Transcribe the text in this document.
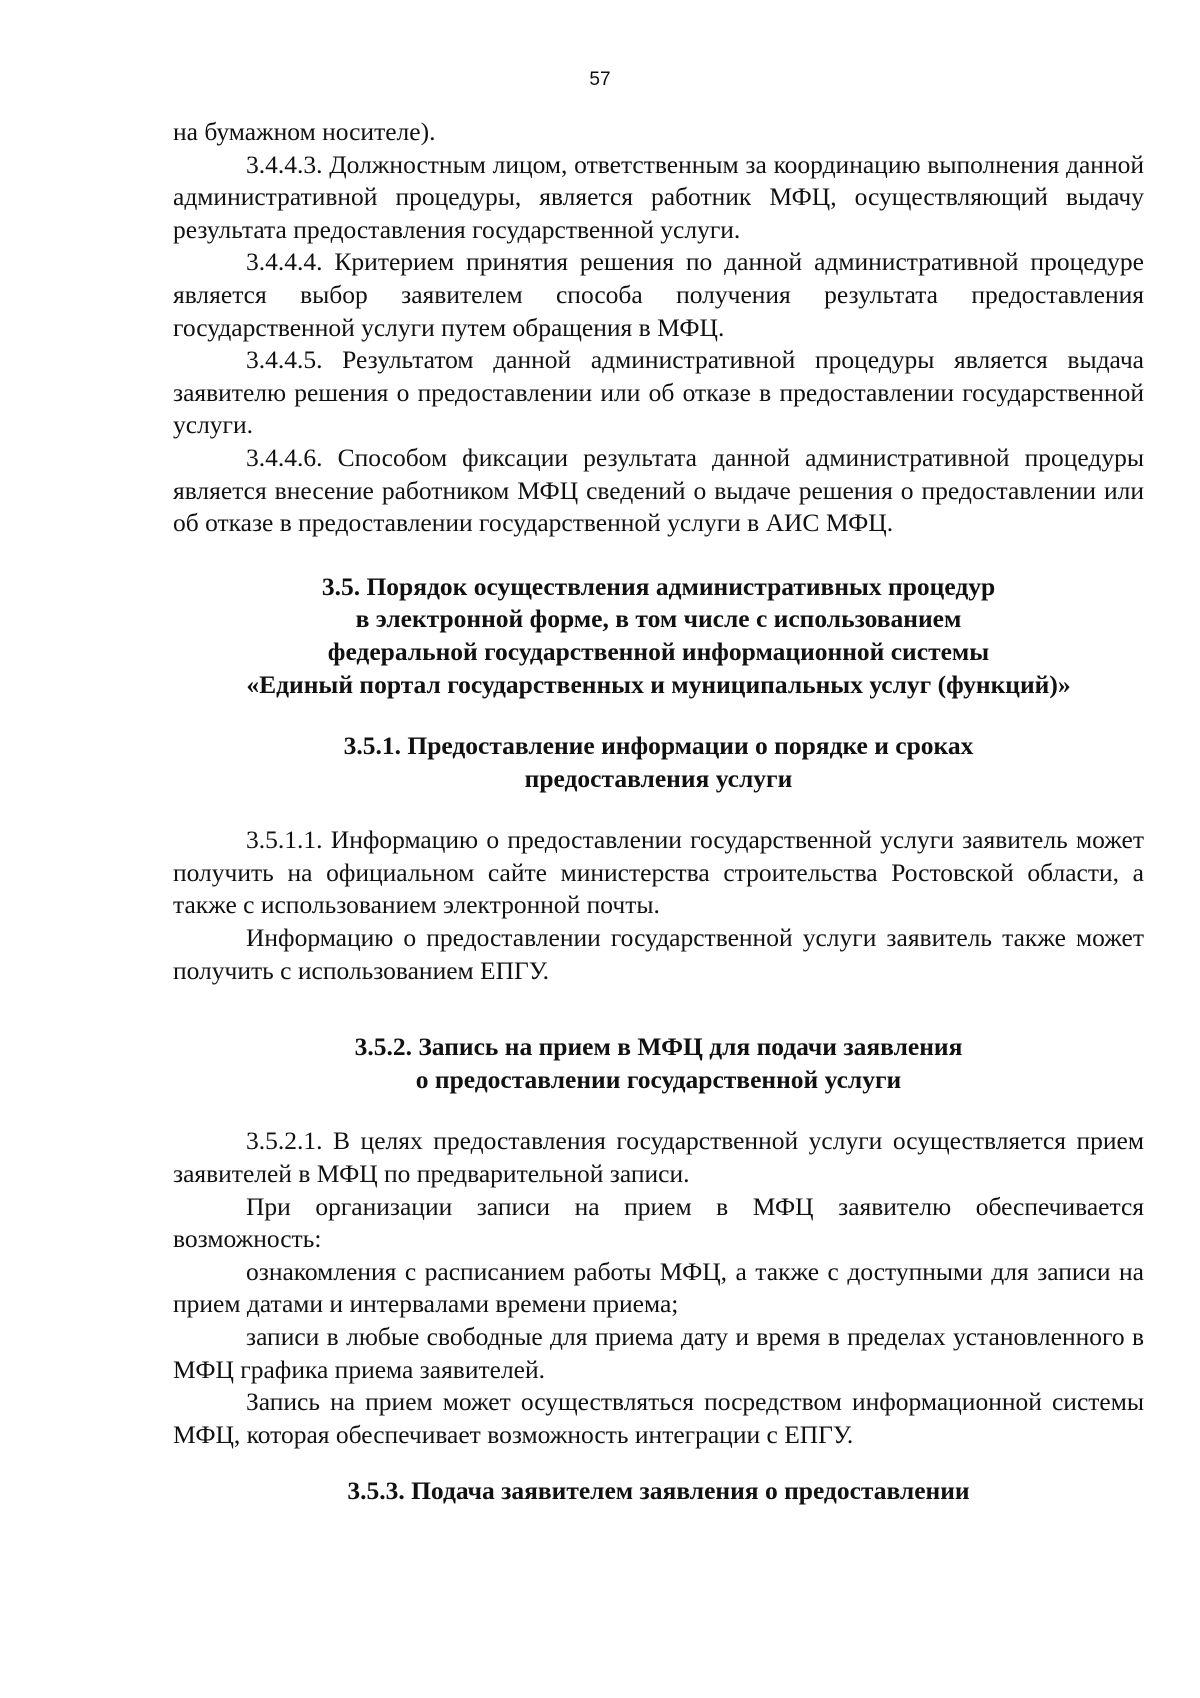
57

на бумажном носителе).

3.4.4.3. Должностным лицом, ответственным за координацию выполнения данной административной процедуры, является работник МФЦ, осуществляющий выдачу результата предоставления государственной услуги.

3.4.4.4. Критерием принятия решения по данной административной процедуре является выбор заявителем способа получения результата предоставления государственной услуги путем обращения в МФЦ.

3.4.4.5. Результатом данной административной процедуры является выдача заявителю решения о предоставлении или об отказе в предоставлении государственной услуги.

3.4.4.6. Способом фиксации результата данной административной процедуры является внесение работником МФЦ сведений о выдаче решения о предоставлении или об отказе в предоставлении государственной услуги в АИС МФЦ.

3.5. Порядок осуществления административных процедур
в электронной форме, в том числе с использованием
федеральной государственной информационной системы
«Единый портал государственных и муниципальных услуг (функций)»
3.5.1. Предоставление информации о порядке и сроках
предоставления услуги

3.5.1.1. Информацию о предоставлении государственной услуги заявитель может получить на официальном сайте министерства строительства Ростовской области, а также с использованием электронной почты.

Информацию о предоставлении государственной услуги заявитель также может получить с использованием ЕПГУ.

3.5.2. Запись на прием в МФЦ для подачи заявления
о предоставлении государственной услуги

3.5.2.1. В целях предоставления государственной услуги осуществляется прием заявителей в МФЦ по предварительной записи.

При организации записи на прием в МФЦ заявителю обеспечивается возможность:

ознакомления с расписанием работы МФЦ, а также с доступными для записи на прием датами и интервалами времени приема;

записи в любые свободные для приема дату и время в пределах установленного в МФЦ графика приема заявителей.

Запись на прием может осуществляться посредством информационной системы МФЦ, которая обеспечивает возможность интеграции с ЕПГУ.

3.5.3. Подача заявителем заявления о предоставлении
